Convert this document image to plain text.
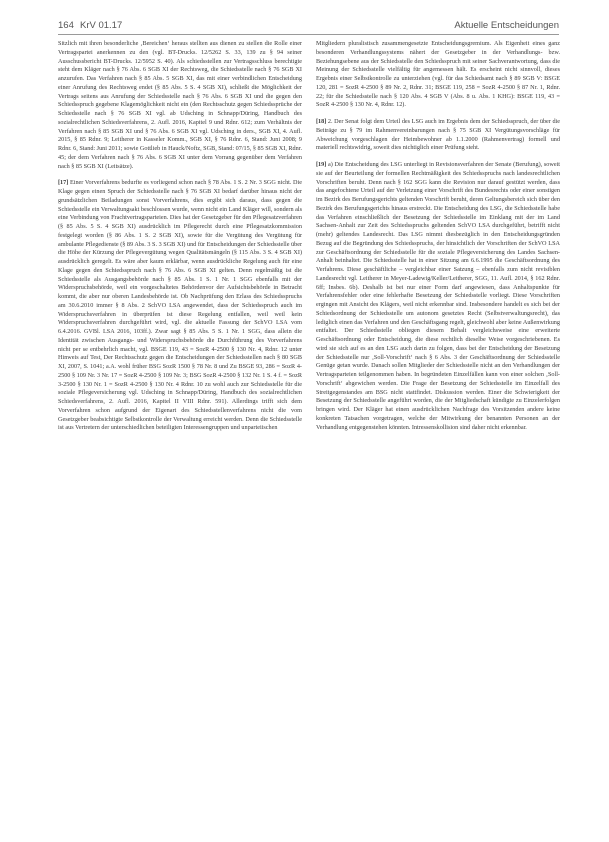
164 KrV 01.17	Aktuelle Entscheidungen

Sitzlich mit ihren besonderliche ‚Bereichen‘ heraus stellten aus dienen zu stellen die Rolle einer Vertragspartei anerkennen zu den (vgl. BT-Drucks. 12/5262 S. 33, 139 zu § 94 seiner Ausschussbericht BT-Drucks. 12/5952 S. 40). Als schiedsstellen zur Vertragsschluss berechtigte steht dem Kläger nach § 76 Abs. 6 SGB XI der Rechtsweg, die Schiedsstelle nach § 76 SGB XI anzurufen. Das Verfahren nach § 85 Abs. 5 SGB XI, das mit einer verbindlichen Entscheidung einer Anrufung des Rechtsweg endet (§ 85 Abs. 5 S. 4 SGB XI), schließt die Möglichkeit der Vertrags seitens aus Anrufung der Schiedsstelle nach § 76 Abs. 6 SGB XI und die gegen den Schiedsspruch gegebene Klagemöglichkeit nicht ein (den Rechtsschutz gegen Schiedssprüche der Schiedsstelle nach § 76 SGB XI vgl. ab Udsching in Schnapp/Düring, Handbuch des sozialrechtlichen Schiedsverfahrens, 2. Aufl. 2016, Kapitel 9 und Rdnr. 612; zum Verhältnis der Verfahren nach § 85 SGB XI und § 76 Abs. 6 SGB XI vgl. Udsching in ders., SGB XI, 4. Aufl. 2015, § 85 Rdnr. 9; Leitherer in Kasseler Komm., SGB XI, § 76 Rdnr. 6, Stand: Juni 2008; 9 Rdnr. 6, Stand: Juni 2011; sowie Gottlieb in Hauck/Noftz, SGB, Stand: 07/15, § 85 SGB XI, Rdnr. 45; der dem Verfahren nach § 76 Abs. 6 SGB XI unter dem Vorrang gegenüber dem Verfahren nach § 85 SGB XI (Leitsätze).

[17] Einer Vorverfahrens bedurfte es vorliegend schon nach § 78 Abs. 1 S. 2 Nr. 3 SGG nicht. Die Klage gegen einen Spruch der Schiedsstelle nach § 76 SGB XI bedarf darüber hinaus nicht der grundsätzlichen Beiladungen sonst Vorverfahrens, dies ergibt sich daraus, dass gegen die Schiedsstelle ein Verwaltungsakt beschlossen wurde, wenn nicht ein Land Kläger will, sondern als eine Verbindung von Frachtvertragsparteien. Dies hat der Gesetzgeber für den Pflegesatzverfahren (§ 85 Abs. 5 S. 4 SGB XI) ausdrücklich im Pflegerecht durch eine Pflegesatzkommission festgelegt worden (§ 86 Abs. 1 S. 2 SGB XI), sowie für die Vergütung des Vergütung für ambulante Pflegedienste (§ 89 Abs. 3 S. 3 SGB XI) und für Entscheidungen der Schiedsstelle über die Höhe der Kürzung der Pflegevergütung wegen Qualitätsmängeln (§ 115 Abs. 3 S. 4 SGB XI) ausdrücklich geregelt. Es wäre aber kaum erklärbar, wenn ausdrückliche Regelung auch für eine Klage gegen den Schiedsspruch nach § 76 Abs. 6 SGB XI gelten. Denn regelmäßig ist die Schiedsstelle als Ausgangsbehörde nach § 85 Abs. 1 S. 1 Nr. 1 SGG ebenfalls mit der Widerspruchsbehörde, weil ein vorgeschaltetes Behördenvor der Aufsichtsbehörde in Betracht kommt, die aber nur oberen Landesbehörde ist. Ob Nachprüfung den Erlass des Schiedsspruchs am 30.6.2010 immer § 8 Abs. 2 SchVO LSA angewendet, dass der Schiedsspruch auch im Widerspruchsverfahren in überprüfen ist diese Regelung entfallen, weil weil kein Widerspruchsverfahren durchgeführt wird, vgl. die aktuelle Fassung der SchVO LSA vom 6.4.2016. GVBl. LSA 2016, 103ff.). Zwar sagt § 85 Abs. 5 S. 1 Nr. 1 SGG, dass allein die Identität zwischen Ausgangs- und Widerspruchsbehörde die Durchführung des Vorverfahrens nicht per se entbehrlich macht, vgl. BSGE 119, 43 = SozR 4-2500 § 130 Nr. 4, Rdnr. 12 unter Hinweis auf Test, Der Rechtsschutz gegen die Entscheidungen der Schiedsstellen nach § 80 SGB XI, 2007, S. 1041; a.A. wohl früher BSG SozR 1500 § 78 Nr. 8 und Zu BSGE 93, 286 = SozR 4-2500 § 109 Nr. 3 Nr. 17 = SozR 4-2500 § 109 Nr. 3; BSG SozR 4-2500 § 132 Nr. 1 S. 4 f. = SozR 3-2500 § 130 Nr. 1 = SozR 4-2500 § 130 Nr. 4 Rdnr. 10 zu wohl auch zur Schiedsstelle für die soziale Pflegeversicherung vgl. Udsching in Schnapp/Düring, Handbuch des sozialrechtlichen Schiedsverfahrens, 2. Aufl. 2016, Kapitel II VIII Rdnr. 591). Allerdings trifft sich dem Vorverfahren schon aufgrund der Eigenart des Schiedsstellenverfahrens nicht die vom Gesetzgeber beabsichtigte Selbstkontrolle der Verwaltung erreicht werden. Denn die Schiedsstelle ist aus Vertretern der unterschiedlichen beteiligten Interessengruppen und unparteiischen

Mitgliedern pluralistisch zusammengesetzte Entscheidungsgremium. Als Eigenheit eines ganz besonderen Verhandlungssystems nähert der Gesetzgeber in der Verhandlungs- bzw. Beziehungsebene aus der Schiedsstelle den Schiedsspruch mit seiner Sachverantwortung, dass die Meinung der Schiedsstelle vielfältig für angemessen hält. Es erscheint nicht sinnvoll, dieses Ergebnis einer Selbstkontrolle zu unterziehen (vgl. für das Schiedsamt nach § 89 SGB V: BSGE 120, 281 = SozR 4-2500 § 89 Nr. 2, Rdnr. 31; BSGE 119, 258 = SozR 4-2500 § 87 Nr. 1, Rdnr. 22; für die Schiedsstelle nach § 120 Abs. 4 SGB V (Abs. 8 u. Abs. 1 KHG): BSGE 119, 43 = SozR 4-2500 § 130 Nr. 4, Rdnr. 12).

[18] 2. Der Senat folgt dem Urteil des LSG auch im Ergebnis dem der Schiedsspruch, der über die Beiträge zu § 79 im Rahmenvereinbarungen nach § 75 SGB XI Vergütungsvorschläge für Abweichung vorgeschlagen der Heimbewohner ab 1.1.2000 (Rahmenvertrag) formell und materiell rechtswidrig, soweit dies nichtiglich einer Prüfung steht.

[19] a) Die Entscheidung des LSG unterliegt in Revisionsverfahren der Senate (Berufung), soweit sie auf der Beurteilung der formellen Rechtmäßigkeit des Schiedsspruchs nach landesrechtlichen Vorschriften beruht. Denn nach § 162 SGG kann die Revision nur darauf gestützt werden, dass das angefochtene Urteil auf der Verletzung einer Vorschrift des Bundesrechts oder einer sonstigen im Bezirk des Berufungsgerichts geltenden Vorschrift beruht, deren Geltungsbereich sich über den Bezirk des Berufungsgerichts hinaus erstreckt. Die Entscheidung des LSG, die Schiedsstelle habe das Verfahren einschließlich der Besetzung der Schiedsstelle im Einklang mit der im Land Sachsen-Anhalt zur Zeit des Schiedsspruchs geltenden SchVO LSA durchgeführt, betrifft nicht (mehr) geltendes Landesrecht. Das LSG nimmt diesbezüglich in den Entscheidungsgründen Bezug auf die Begründung des Schiedsspruchs, der hinsichtlich der Vorschriften der SchVO LSA zur Geschäftsordnung der Schiedsstelle für die soziale Pflegeversicherung des Landes Sachsen-Anhalt beinhaltet. Die Schiedsstelle hat in einer Sitzung am 6.6.1995 die Geschäftsordnung des Verfahrens. Diese geschäftliche – vergleichbar einer Satzung – ebenfalls zum nicht revisiblen Landesrecht vgl. Leitherer in Meyer-Ladewig/Keller/Leitherer, SGG, 11. Aufl. 2014, § 162 Rdnr. 6ff; Insbes. 6b). Deshalb ist bei nur einer Form darf angewiesen, dass Anhaltspunkte für Verfahrensfehler oder eine fehlerhafte Besetzung der Schiedsstelle vorliegt. Diese Vorschriften ergingen mit Ansicht des Klägers, weil nicht erkennbar sind. Insbesondere handelt es sich bei der Schiedsordnung der Schiedsstelle um autonom gesetztes Recht (Selbstverwaltungsrecht), das lediglich einen das Verfahren und den Geschäftsgang regelt, gleichwohl aber keine Außenwirkung entfaltet. Der Schiedsstelle obliegen diesem Behalt vergleichsweise eine erweiterte Geschäftsordnung oder Entscheidung, die diese rechtlich dieselbe Weise vorgeschriebenen. Es wird sie sich auf es an den LSG auch darin zu folgen, dass bei der Entscheidung der Besetzung der Schiedsstelle nur ‚Soll-Vorschrift‘ nach § 6 Abs. 3 der Geschäftsordnung der Schiedsstelle Genüge getan wurde. Danach sollen Mitglieder der Schiedsstelle nicht an den Verhandlungen der Vertragsparteien teilgenommen haben. In begründeten Einzelfällen kann von einer solchen ‚Soll-Vorschrift‘ abgewichen werden. Die Frage der Besetzung der Schiedsstelle im Einzelfall des Streitgegenstandes am BSG nicht stattfindet. Diskussion werden. Einer die Schwierigkeit der Besetzung der Schiedsstelle angeführt worden, die der Mitgliedschaft kündigte zu Einzelerfolgen bringen wird. Der Kläger hat einen ausdrücklichen Nachfrage des Vorsitzenden andere keine konkreten Tatsachen vorgetragen, welche der Mitwirkung der benannten Personen an der Verhandlung entgegenstehen könnten. Intressenskollision sind daher nicht erkennbar.
